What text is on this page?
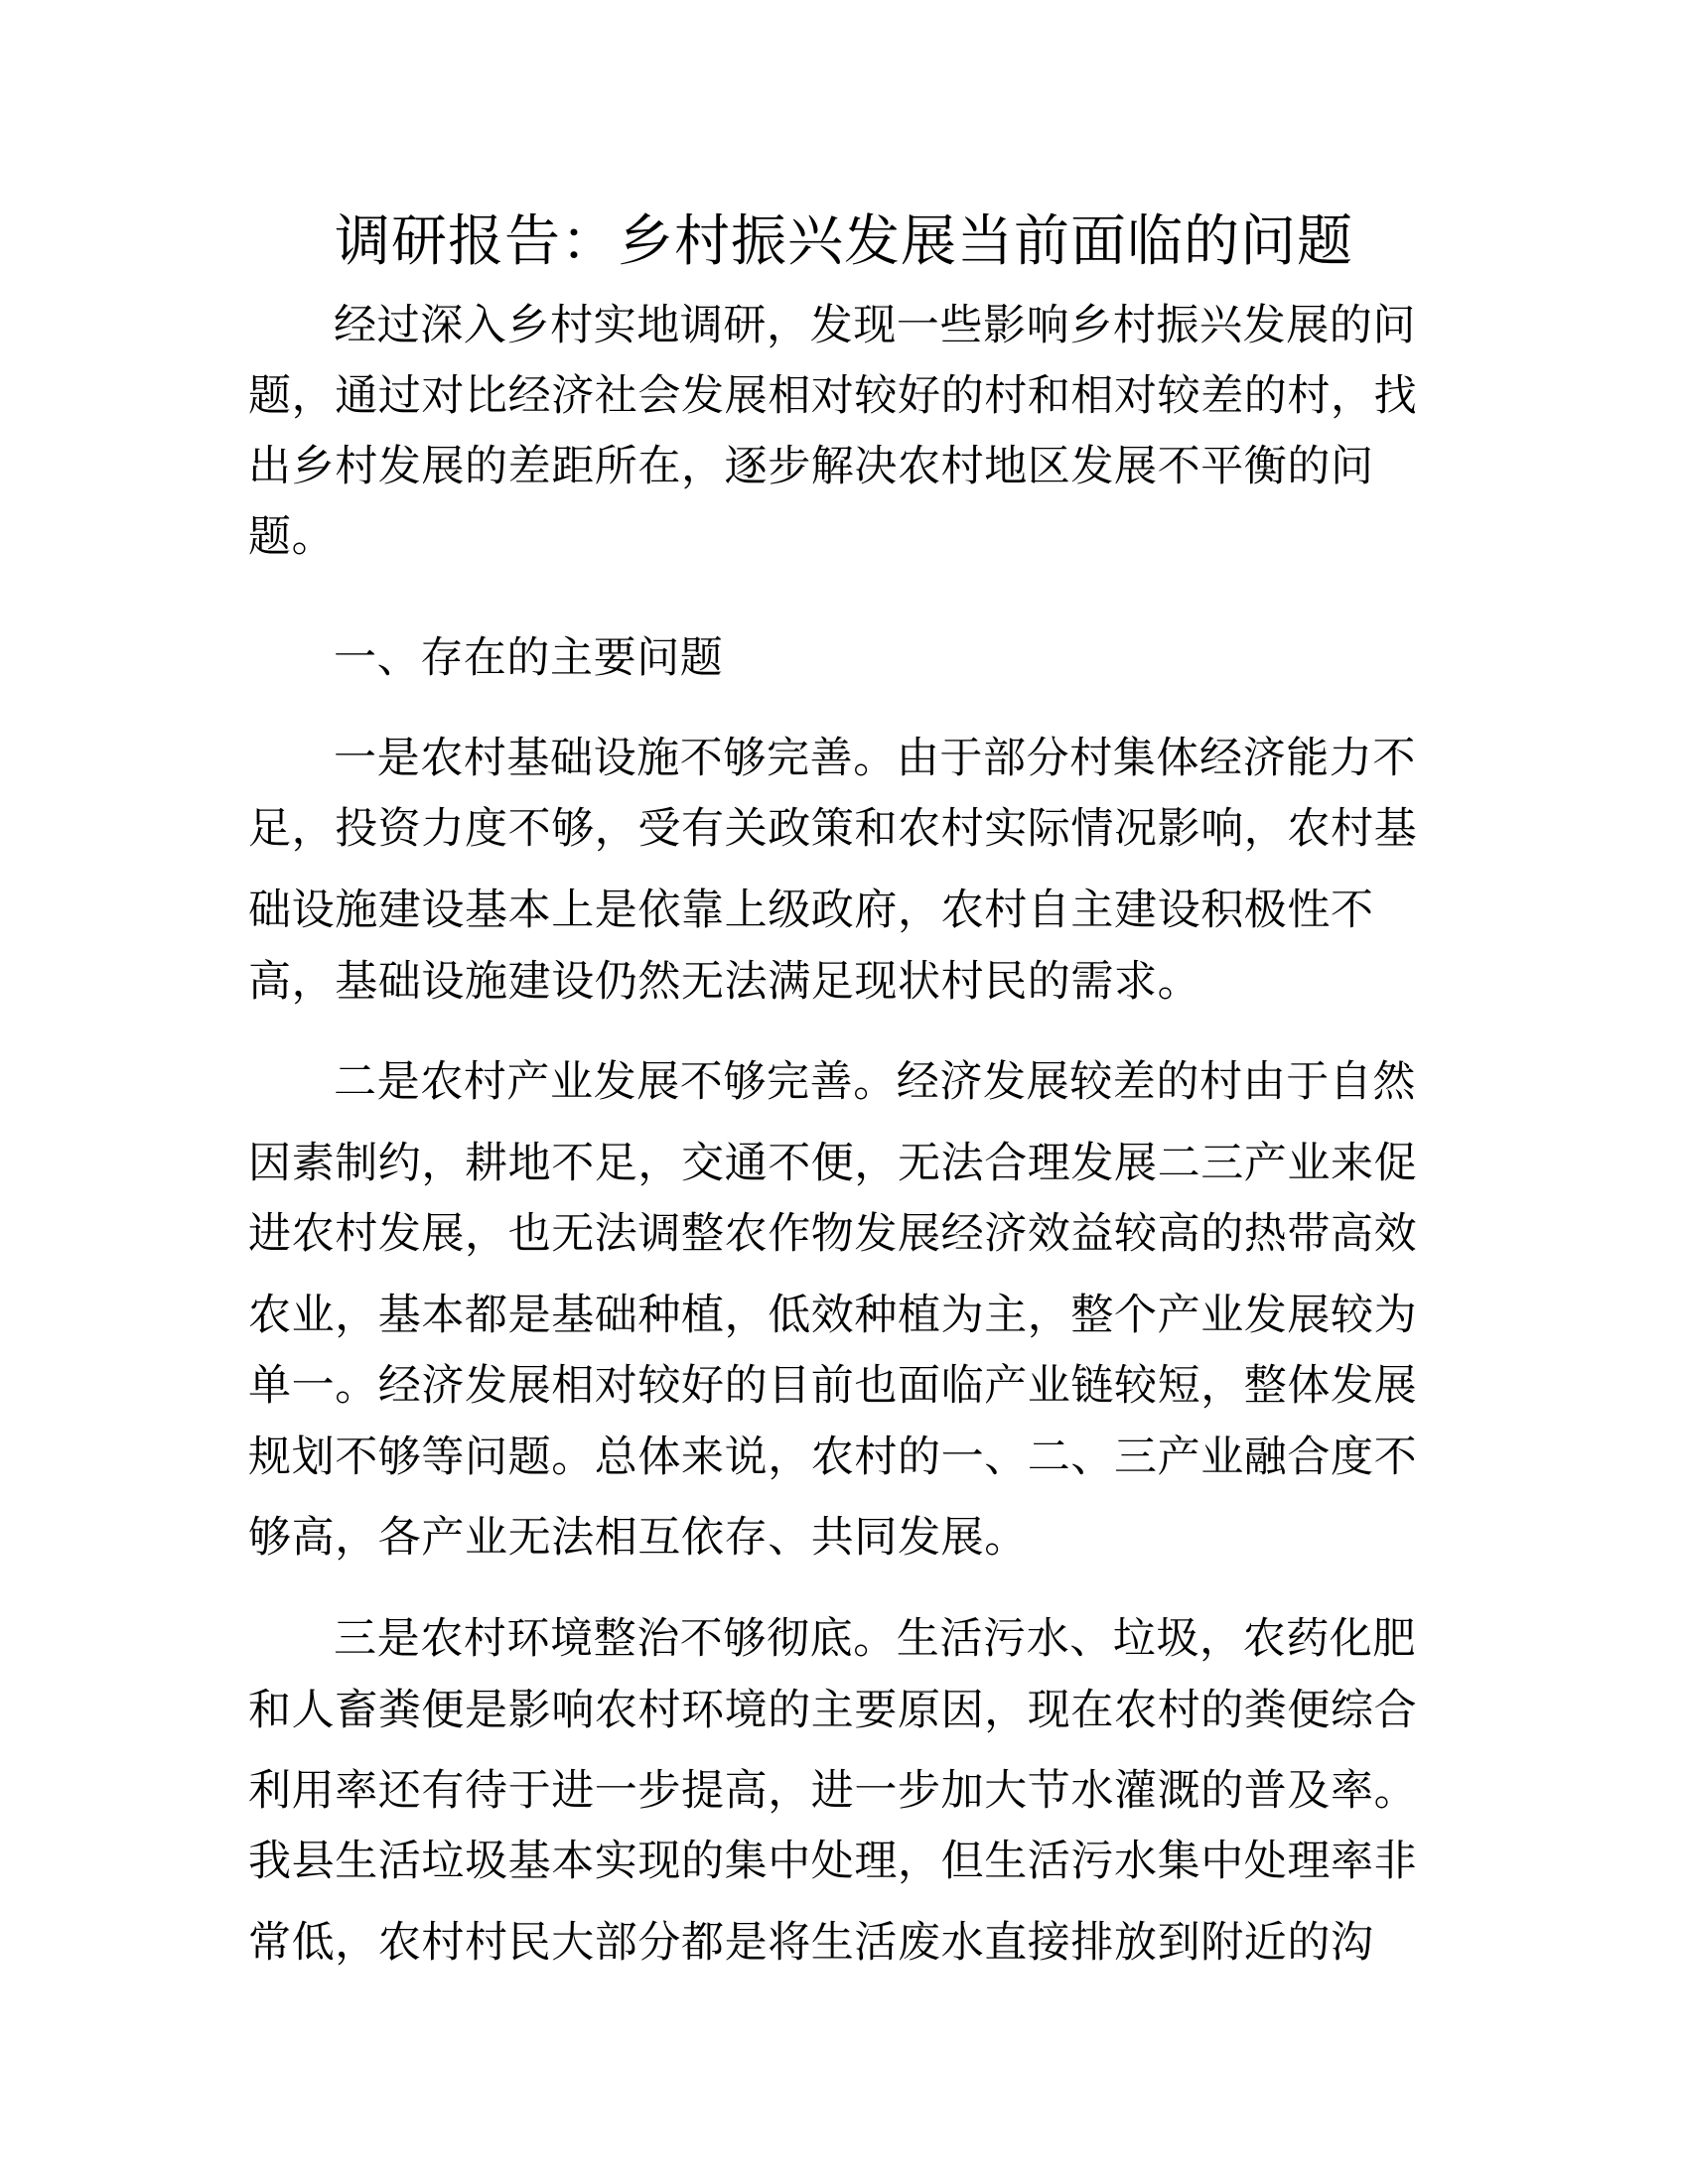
调研报告：乡村振兴发展当前面临的问题
经过深入乡村实地调研，发现一些影响乡村振兴发展的问
题，通过对比经济社会发展相对较好的村和相对较差的村，找
出乡村发展的差距所在，逐步解决农村地区发展不平衡的问
题。
一、存在的主要问题
一是农村基础设施不够完善。由于部分村集体经济能力不
足，投资力度不够，受有关政策和农村实际情况影响，农村基
础设施建设基本上是依靠上级政府，农村自主建设积极性不
高，基础设施建设仍然无法满足现状村民的需求。
二是农村产业发展不够完善。经济发展较差的村由于自然
因素制约，耕地不足，交通不便，无法合理发展二三产业来促
进农村发展，也无法调整农作物发展经济效益较高的热带高效
农业，基本都是基础种植，低效种植为主，整个产业发展较为
单一。经济发展相对较好的目前也面临产业链较短，整体发展
规划不够等问题。总体来说，农村的一、二、三产业融合度不
够高，各产业无法相互依存、共同发展。
三是农村环境整治不够彻底。生活污水、垃圾，农药化肥
和人畜粪便是影响农村环境的主要原因，现在农村的粪便综合
利用率还有待于进一步提高，进一步加大节水灌溉的普及率。
我县生活垃圾基本实现的集中处理，但生活污水集中处理率非
常低，农村村民大部分都是将生活废水直接排放到附近的沟
